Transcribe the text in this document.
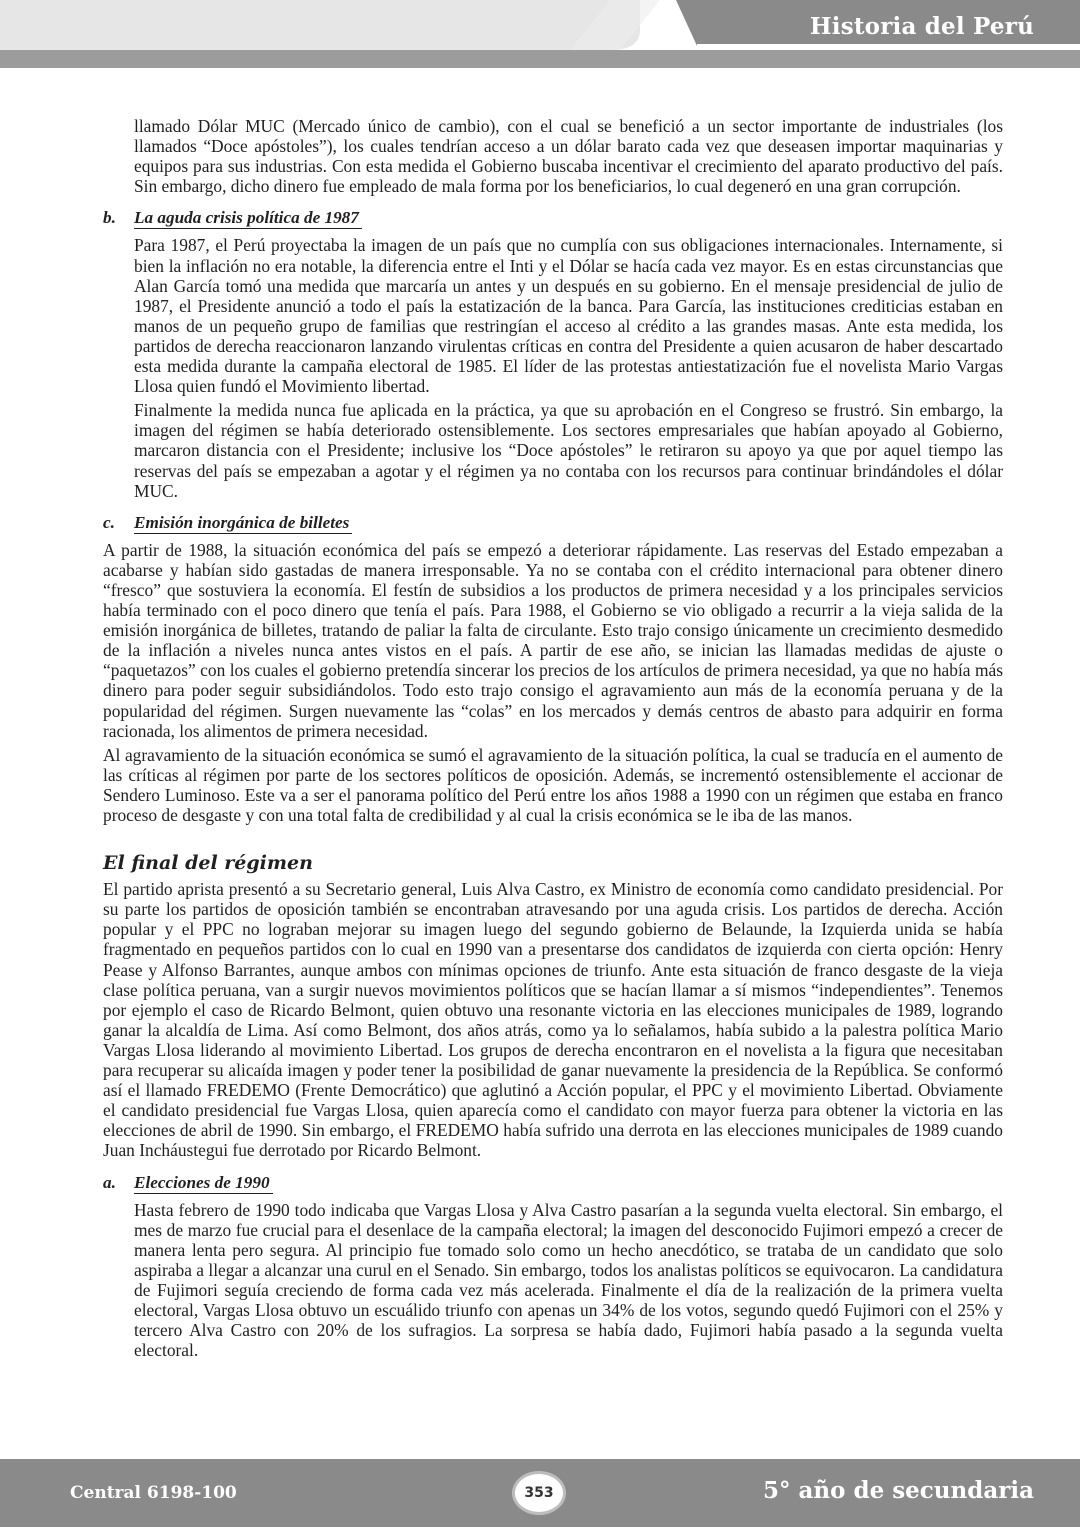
Historia del Perú

llamado Dólar MUC (Mercado único de cambio), con el cual se benefició a un sector importante de industriales (los llamados “Doce apóstoles”), los cuales tendrían acceso a un dólar barato cada vez que deseasen importar maquinarias y equipos para sus industrias. Con esta medida el Gobierno buscaba incentivar el crecimiento del aparato productivo del país. Sin embargo, dicho dinero fue empleado de mala forma por los beneficiarios, lo cual degeneró en una gran corrupción.

b. La aguda crisis política de 1987

Para 1987, el Perú proyectaba la imagen de un país que no cumplía con sus obligaciones internacionales. Internamente, si bien la inflación no era notable, la diferencia entre el Inti y el Dólar se hacía cada vez mayor. Es en estas circunstancias que Alan García tomó una medida que marcaría un antes y un después en su gobierno. En el mensaje presidencial de julio de 1987, el Presidente anunció a todo el país la estatización de la banca. Para García, las instituciones crediticias estaban en manos de un pequeño grupo de familias que restringían el acceso al crédito a las grandes masas. Ante esta medida, los partidos de derecha reaccionaron lanzando virulentas críticas en contra del Presidente a quien acusaron de haber descartado esta medida durante la campaña electoral de 1985. El líder de las protestas antiestatización fue el novelista Mario Vargas Llosa quien fundó el Movimiento libertad.

Finalmente la medida nunca fue aplicada en la práctica, ya que su aprobación en el Congreso se frustró. Sin embargo, la imagen del régimen se había deteriorado ostensiblemente. Los sectores empresariales que habían apoyado al Gobierno, marcaron distancia con el Presidente; inclusive los “Doce apóstoles” le retiraron su apoyo ya que por aquel tiempo las reservas del país se empezaban a agotar y el régimen ya no contaba con los recursos para continuar brindándoles el dólar MUC.

c. Emisión inorgánica de billetes

A partir de 1988, la situación económica del país se empezó a deteriorar rápidamente. Las reservas del Estado empezaban a acabarse y habían sido gastadas de manera irresponsable. Ya no se contaba con el crédito internacional para obtener dinero “fresco” que sostuviera la economía. El festín de subsidios a los productos de primera necesidad y a los principales servicios había terminado con el poco dinero que tenía el país. Para 1988, el Gobierno se vio obligado a recurrir a la vieja salida de la emisión inorgánica de billetes, tratando de paliar la falta de circulante. Esto trajo consigo únicamente un crecimiento desmedido de la inflación a niveles nunca antes vistos en el país. A partir de ese año, se inician las llamadas medidas de ajuste o “paquetazos” con los cuales el gobierno pretendía sincerar los precios de los artículos de primera necesidad, ya que no había más dinero para poder seguir subsidiándolos. Todo esto trajo consigo el agravamiento aun más de la economía peruana y de la popularidad del régimen. Surgen nuevamente las “colas” en los mercados y demás centros de abasto para adquirir en forma racionada, los alimentos de primera necesidad.

Al agravamiento de la situación económica se sumó el agravamiento de la situación política, la cual se traducía en el aumento de las críticas al régimen por parte de los sectores políticos de oposición. Además, se incrementó ostensiblemente el accionar de Sendero Luminoso. Este va a ser el panorama político del Perú entre los años 1988 a 1990 con un régimen que estaba en franco proceso de desgaste y con una total falta de credibilidad y al cual la crisis económica se le iba de las manos.

El final del régimen

El partido aprista presentó a su Secretario general, Luis Alva Castro, ex Ministro de economía como candidato presidencial. Por su parte los partidos de oposición también se encontraban atravesando por una aguda crisis. Los partidos de derecha. Acción popular y el PPC no lograban mejorar su imagen luego del segundo gobierno de Belaunde, la Izquierda unida se había fragmentado en pequeños partidos con lo cual en 1990 van a presentarse dos candidatos de izquierda con cierta opción: Henry Pease y Alfonso Barrantes, aunque ambos con mínimas opciones de triunfo. Ante esta situación de franco desgaste de la vieja clase política peruana, van a surgir nuevos movimientos políticos que se hacían llamar a sí mismos “independientes”. Tenemos por ejemplo el caso de Ricardo Belmont, quien obtuvo una resonante victoria en las elecciones municipales de 1989, logrando ganar la alcaldía de Lima. Así como Belmont, dos años atrás, como ya lo señalamos, había subido a la palestra política Mario Vargas Llosa liderando al movimiento Libertad. Los grupos de derecha encontraron en el novelista a la figura que necesitaban para recuperar su alicaída imagen y poder tener la posibilidad de ganar nuevamente la presidencia de la República. Se conformó así el llamado FREDEMO (Frente Democrático) que aglutinó a Acción popular, el PPC y el movimiento Libertad. Obviamente el candidato presidencial fue Vargas Llosa, quien aparecía como el candidato con mayor fuerza para obtener la victoria en las elecciones de abril de 1990. Sin embargo, el FREDEMO había sufrido una derrota en las elecciones municipales de 1989 cuando Juan Incháustegui fue derrotado por Ricardo Belmont.

a. Elecciones de 1990

Hasta febrero de 1990 todo indicaba que Vargas Llosa y Alva Castro pasarían a la segunda vuelta electoral. Sin embargo, el mes de marzo fue crucial para el desenlace de la campaña electoral; la imagen del desconocido Fujimori empezó a crecer de manera lenta pero segura. Al principio fue tomado solo como un hecho anecdótico, se trataba de un candidato que solo aspiraba a llegar a alcanzar una curul en el Senado. Sin embargo, todos los analistas políticos se equivocaron. La candidatura de Fujimori seguía creciendo de forma cada vez más acelerada. Finalmente el día de la realización de la primera vuelta electoral, Vargas Llosa obtuvo un escuálido triunfo con apenas un 34% de los votos, segundo quedó Fujimori con el 25% y tercero Alva Castro con 20% de los sufragios. La sorpresa se había dado, Fujimori había pasado a la segunda vuelta electoral.

Central 6198-100	353	5° año de secundaria
